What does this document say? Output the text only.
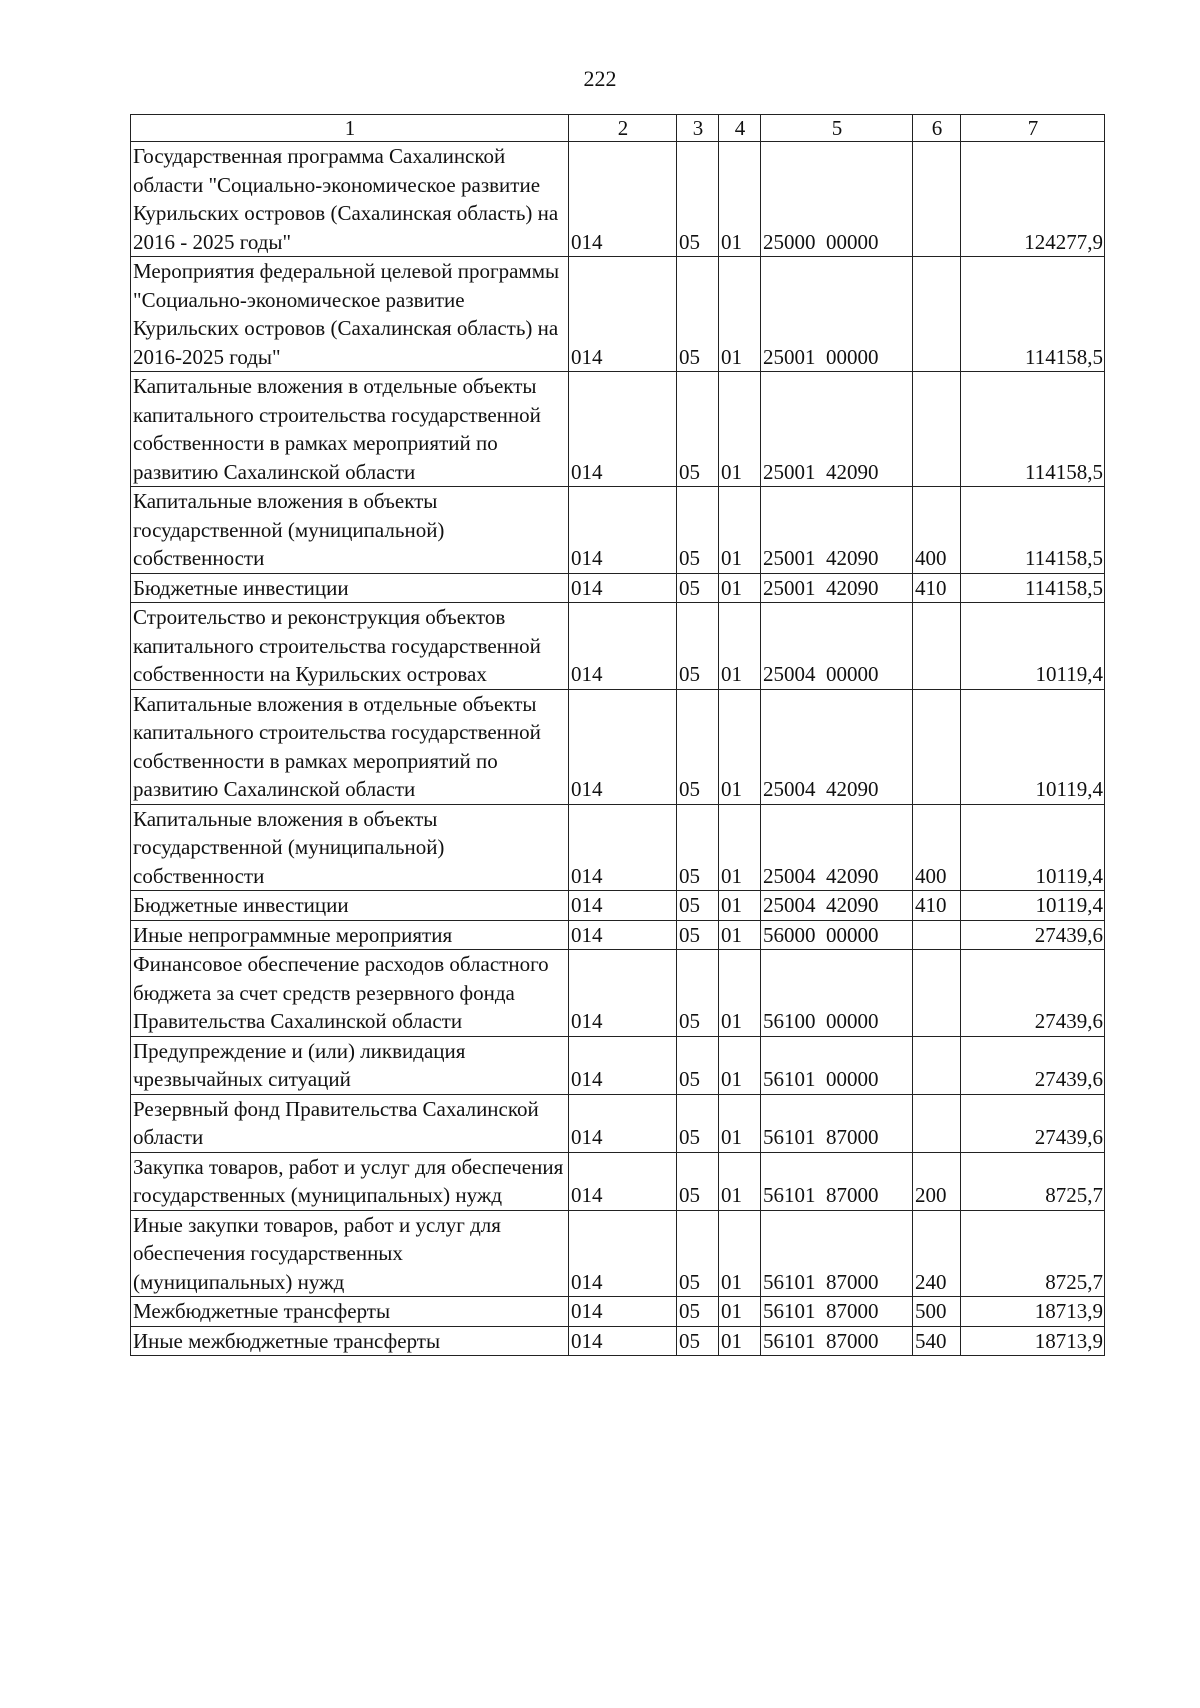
222
1	2	3	4	5	6	7
Государственная программа Сахалинской области "Социально-экономическое развитие Курильских островов (Сахалинская область) на 2016 - 2025 годы"	014	05	01	25000  00000		124277,9
Мероприятия федеральной целевой программы "Социально-экономическое развитие Курильских островов (Сахалинская область) на 2016-2025 годы"	014	05	01	25001  00000		114158,5
Капитальные вложения в отдельные объекты капитального строительства государственной собственности в рамках мероприятий по развитию Сахалинской области	014	05	01	25001  42090		114158,5
Капитальные вложения в объекты государственной (муниципальной) собственности	014	05	01	25001  42090	400	114158,5
Бюджетные инвестиции	014	05	01	25001  42090	410	114158,5
Строительство и реконструкция объектов капитального строительства государственной собственности на Курильских островах	014	05	01	25004  00000		10119,4
Капитальные вложения в отдельные объекты капитального строительства государственной собственности в рамках мероприятий по развитию Сахалинской области	014	05	01	25004  42090		10119,4
Капитальные вложения в объекты государственной (муниципальной) собственности	014	05	01	25004  42090	400	10119,4
Бюджетные инвестиции	014	05	01	25004  42090	410	10119,4
Иные непрограммные мероприятия	014	05	01	56000  00000		27439,6
Финансовое обеспечение расходов областного бюджета за счет средств резервного фонда Правительства Сахалинской области	014	05	01	56100  00000		27439,6
Предупреждение и (или) ликвидация чрезвычайных ситуаций	014	05	01	56101  00000		27439,6
Резервный фонд Правительства Сахалинской области	014	05	01	56101  87000		27439,6
Закупка товаров, работ и услуг для обеспечения государственных (муниципальных) нужд	014	05	01	56101  87000	200	8725,7
Иные закупки товаров, работ и услуг для обеспечения государственных (муниципальных) нужд	014	05	01	56101  87000	240	8725,7
Межбюджетные трансферты	014	05	01	56101  87000	500	18713,9
Иные межбюджетные трансферты	014	05	01	56101  87000	540	18713,9
